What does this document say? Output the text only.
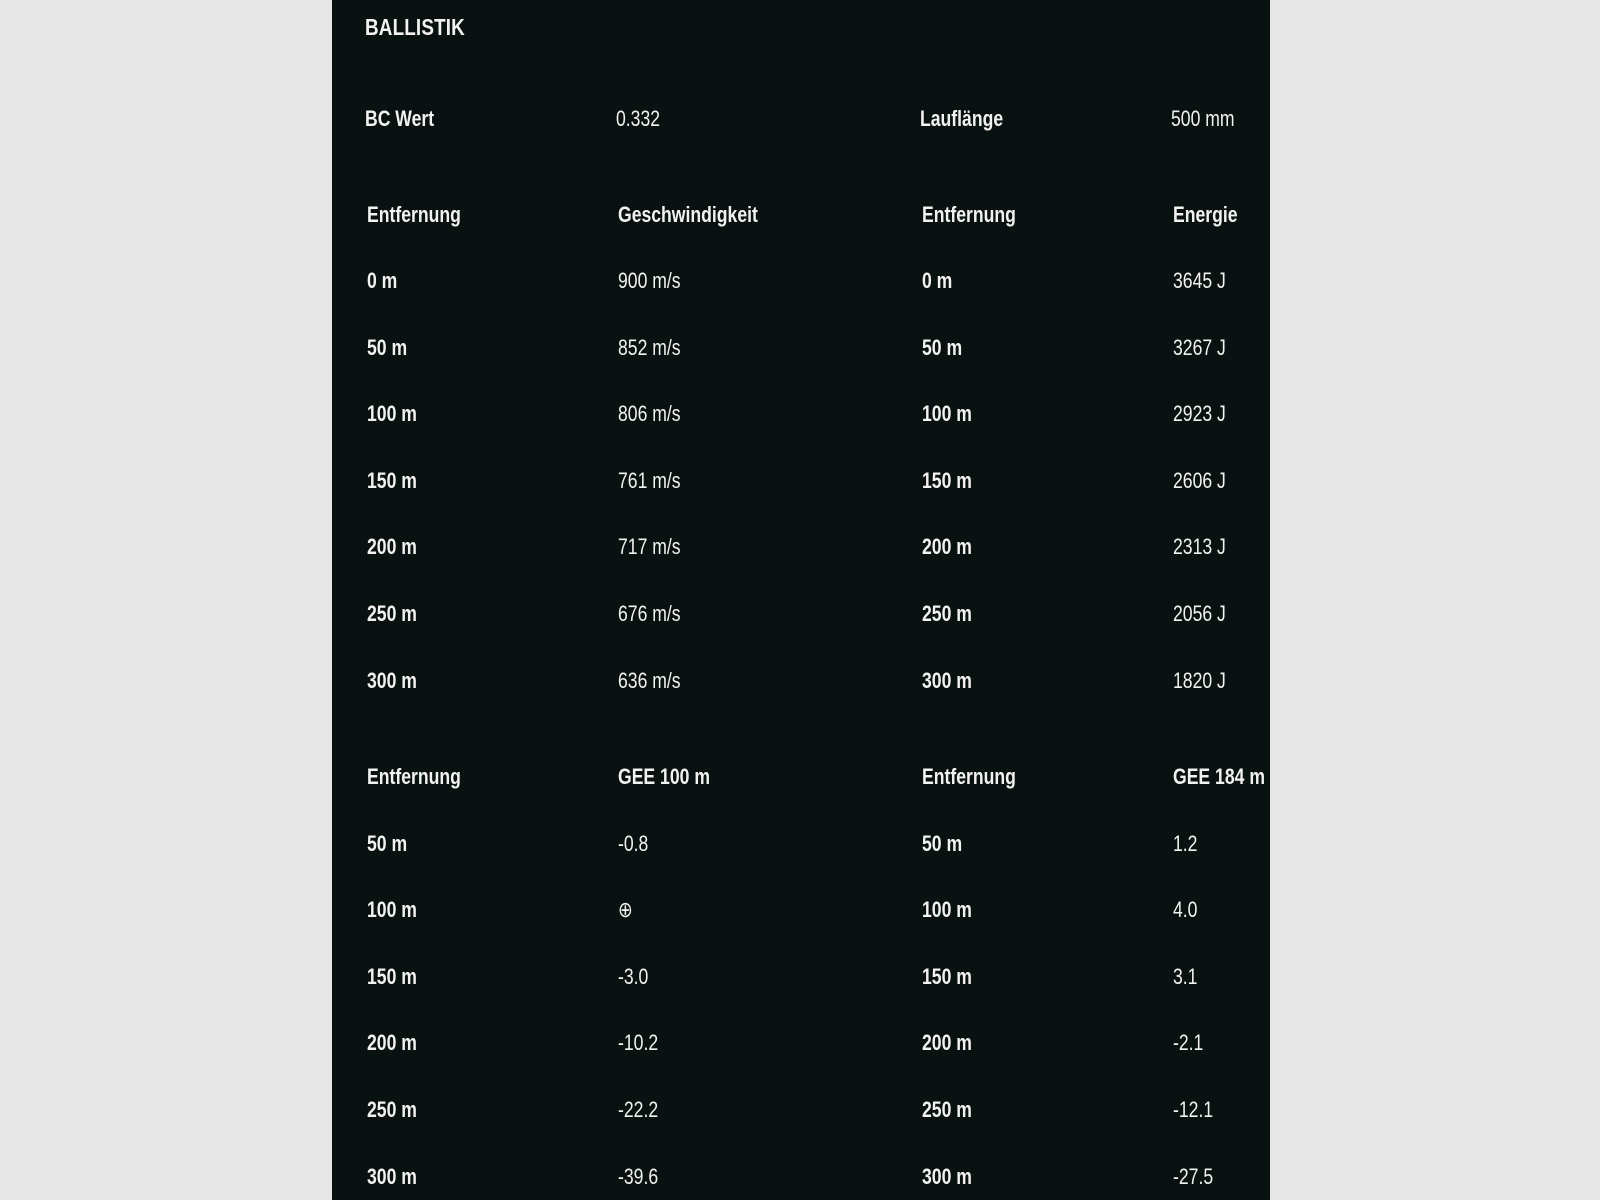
BALLISTIK
BC Wert	0.332	Lauflänge	500 mm
Entfernung	Geschwindigkeit	Entfernung	Energie
0 m	900 m/s	0 m	3645 J
50 m	852 m/s	50 m	3267 J
100 m	806 m/s	100 m	2923 J
150 m	761 m/s	150 m	2606 J
200 m	717 m/s	200 m	2313 J
250 m	676 m/s	250 m	2056 J
300 m	636 m/s	300 m	1820 J
Entfernung	GEE 100 m	Entfernung	GEE 184 m
50 m	-0.8	50 m	1.2
100 m	⊕	100 m	4.0
150 m	-3.0	150 m	3.1
200 m	-10.2	200 m	-2.1
250 m	-22.2	250 m	-12.1
300 m	-39.6	300 m	-27.5
